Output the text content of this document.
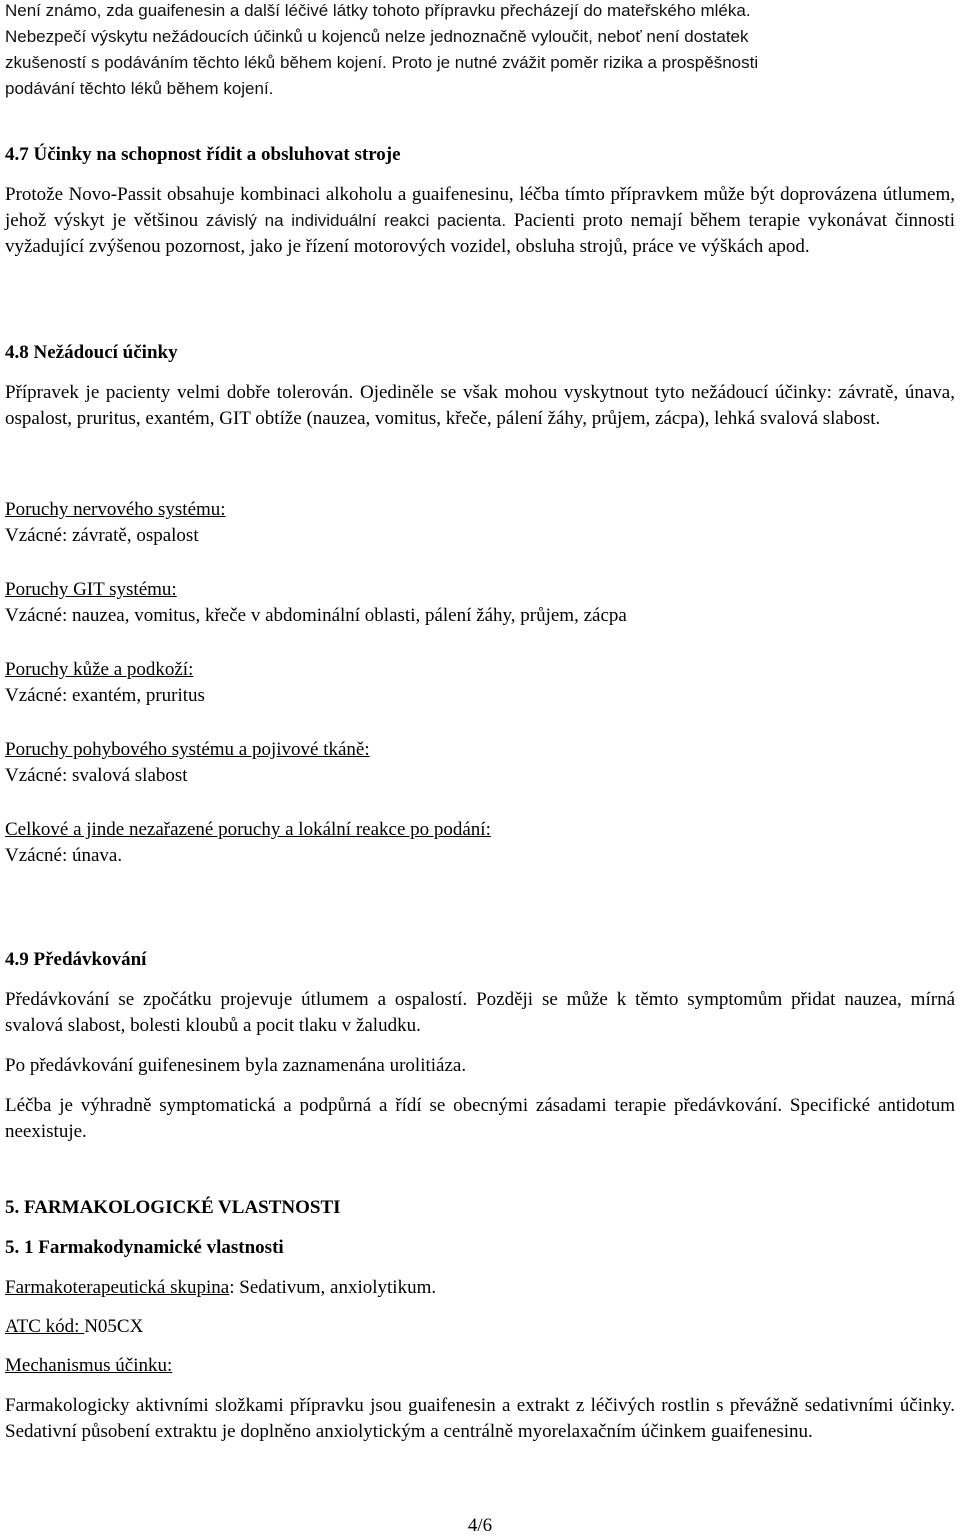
Není známo, zda guaifenesin a další léčivé látky tohoto přípravku přecházejí do mateřského mléka.

Nebezpečí výskytu nežádoucích účinků u kojenců nelze jednoznačně vyloučit, neboť není dostatek

zkušeností s podáváním těchto léků během kojení. Proto je nutné zvážit poměr rizika a prospěšnosti

podávání těchto léků během kojení.

4.7 Účinky na schopnost řídit a obsluhovat stroje

Protože Novo-Passit obsahuje kombinaci alkoholu a guaifenesinu, léčba tímto přípravkem může být doprovázena útlumem, jehož výskyt je většinou závislý na individuální reakci pacienta. Pacienti proto nemají během terapie vykonávat činnosti vyžadující zvýšenou pozornost, jako je řízení motorových vozidel, obsluha strojů, práce ve výškách apod.

4.8 Nežádoucí účinky

Přípravek je pacienty velmi dobře tolerován. Ojediněle se však mohou vyskytnout tyto nežádoucí účinky: závratě, únava, ospalost, pruritus, exantém, GIT obtíže (nauzea, vomitus, křeče, pálení žáhy, průjem, zácpa), lehká svalová slabost.

Poruchy nervového systému:

Vzácné: závratě, ospalost

Poruchy GIT systému:

Vzácné: nauzea, vomitus, křeče v abdominální oblasti, pálení žáhy, průjem, zácpa

Poruchy kůže a podkoží:

Vzácné: exantém, pruritus

Poruchy pohybového systému a pojivové tkáně:

Vzácné: svalová slabost

Celkové a jinde nezařazené poruchy a lokální reakce po podání:

Vzácné: únava.

4.9 Předávkování

Předávkování se zpočátku projevuje útlumem a ospalostí. Později se může k těmto symptomům přidat nauzea, mírná svalová slabost, bolesti kloubů a pocit tlaku v žaludku.

Po předávkování guifenesinem byla zaznamenána urolitiáza.

Léčba je výhradně symptomatická a podpůrná a řídí se obecnými zásadami terapie předávkování. Specifické antidotum neexistuje.

5. FARMAKOLOGICKÉ VLASTNOSTI

5. 1 Farmakodynamické vlastnosti

Farmakoterapeutická skupina: Sedativum, anxiolytikum.

ATC kód: N05CX

Mechanismus účinku:

Farmakologicky aktivními složkami přípravku jsou guaifenesin a extrakt z léčivých rostlin s převážně sedativními účinky. Sedativní působení extraktu je doplněno anxiolytickým a centrálně myorelaxačním účinkem guaifenesinu.

4/6
